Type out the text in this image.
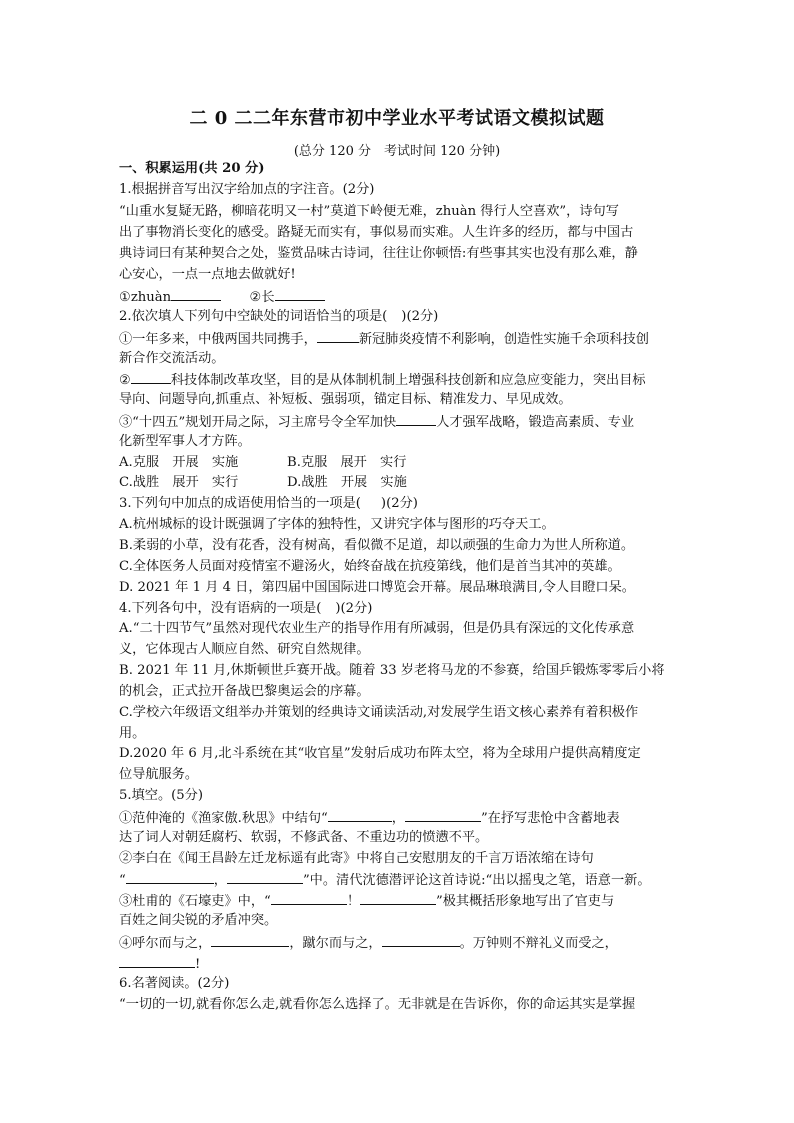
二 0 二二年东营市初中学业水平考试语文模拟试题
(总分 120 分　考试时间 120 分钟)
一、积累运用(共 20 分)
1.根据拼音写出汉字给加点的字注音。(2分)
“山重水复疑无路，柳暗花明又一村”莫道下岭便无难，zhuàn 得行人空喜欢”，诗句写
出了事物消长变化的感受。路疑无而实有，事似易而实难。人生许多的经历，都与中国古
典诗词曰有某种契合之处，鉴赏品味古诗词，往往让你顿悟:有些事其实也没有那么难，静
心安心，一点一点地去做就好!
①zhuàn	②长
2.依次填人下列句中空缺处的词语恰当的项是( )(2分)
①一年多来，中俄两国共同携手，	新冠肺炎疫情不利影响，创造性实施千余项科技创
新合作交流活动。
②	科技体制改革攻坚，目的是从体制机制上增强科技创新和应急应变能力，突出目标
导向、问题导向,抓重点、补短板、强弱项，锚定目标、精准发力、早见成效。
③“十四五”规划开局之际，习主席号令全军加快	人才强军战略，锻造高素质、专业
化新型军事人才方阵。
A.克服　开展　实施	B.克服　展开　实行
C.战胜　展开　实行	D.战胜　开展　实施
3.下列句中加点的成语使用恰当的一项是( )(2分)
A.杭州城标的设计既强调了字体的独特性，又讲究字体与图形的巧夺天工。
B.柔弱的小草，没有花香，没有树高，看似微不足道，却以顽强的生命力为世人所称道。
C.全体医务人员面对疫情室不避汤火，始终奋战在抗疫第线，他们是首当其冲的英雄。
D. 2021 年 1 月 4 日，第四届中国国际进口博览会开幕。展品琳琅满目,令人目瞪口呆。
4.下列各句中，没有语病的一项是( )(2分)
A.“二十四节气”虽然对现代农业生产的指导作用有所减弱，但是仍具有深远的文化传承意
义，它体现古人顺应自然、研究自然规律。
B. 2021 年 11 月,休斯顿世乒赛开战。随着 33 岁老将马龙的不参赛，给国乒锻炼零零后小将
的机会，正式拉开备战巴黎奥运会的序幕。
C.学校六年级语文组举办并策划的经典诗文诵读活动,对发展学生语文核心素养有着积极作
用。
D.2020 年 6 月,北斗系统在其“收官星”发射后成功布阵太空，将为全球用户提供高精度定
位导航服务。
5.填空。(5分)
①范仲淹的《渔家傲.秋思》中结句“	，	”在抒写悲怆中含蓄地表
达了词人对朝廷腐朽、软弱，不修武备、不重边功的愤懑不平。
②李白在《闻王昌龄左迁龙标遥有此寄》中将自己安慰朋友的千言万语浓缩在诗句
“	，	”中。清代沈德潜评论这首诗说:“出以摇曳之笔，语意一新。
③杜甫的《石壕吏》中，“	！	”极其概括形象地写出了官吏与
百姓之间尖锐的矛盾冲突。
④呼尔而与之，	，蹴尔而与之，	。万钟则不辩礼义而受之，
!
6.名著阅读。(2分)
“一切的一切,就看你怎么走,就看你怎么选择了。无非就是在告诉你，你的命运其实是掌握
